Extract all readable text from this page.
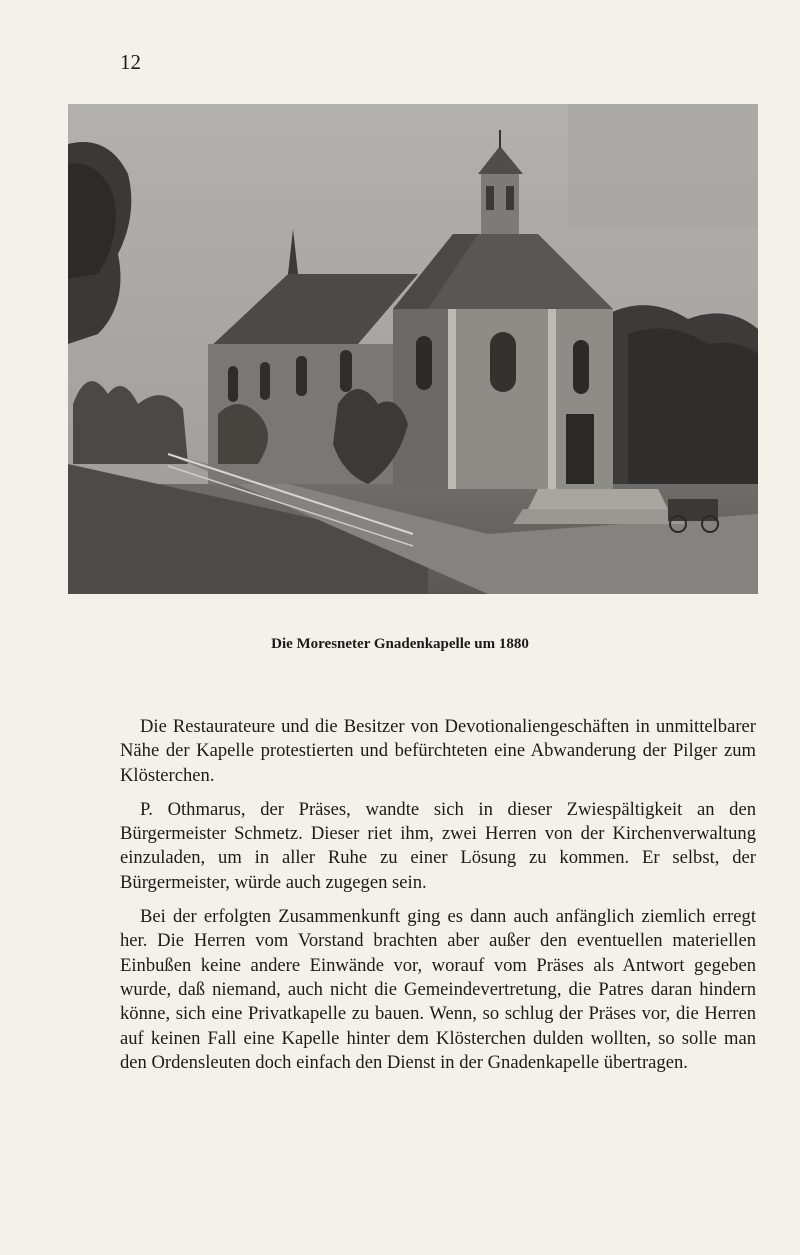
12
Die Moresneter Gnadenkapelle um 1880

Die Restaurateure und die Besitzer von Devotionaliengeschäften in unmittelbarer Nähe der Kapelle protestierten und befürchteten eine Abwanderung der Pilger zum Klösterchen.

P. Othmarus, der Präses, wandte sich in dieser Zwiespältigkeit an den Bürgermeister Schmetz. Dieser riet ihm, zwei Herren von der Kirchenverwaltung einzuladen, um in aller Ruhe zu einer Lösung zu kommen. Er selbst, der Bürgermeister, würde auch zugegen sein.

Bei der erfolgten Zusammenkunft ging es dann auch anfänglich ziemlich erregt her. Die Herren vom Vorstand brachten aber außer den eventuellen materiellen Einbußen keine andere Einwände vor, worauf vom Präses als Antwort gegeben wurde, daß niemand, auch nicht die Gemeindevertretung, die Patres daran hindern könne, sich eine Privatkapelle zu bauen. Wenn, so schlug der Präses vor, die Herren auf keinen Fall eine Kapelle hinter dem Klösterchen dulden wollten, so solle man den Ordensleuten doch einfach den Dienst in der Gnadenkapelle übertragen.
